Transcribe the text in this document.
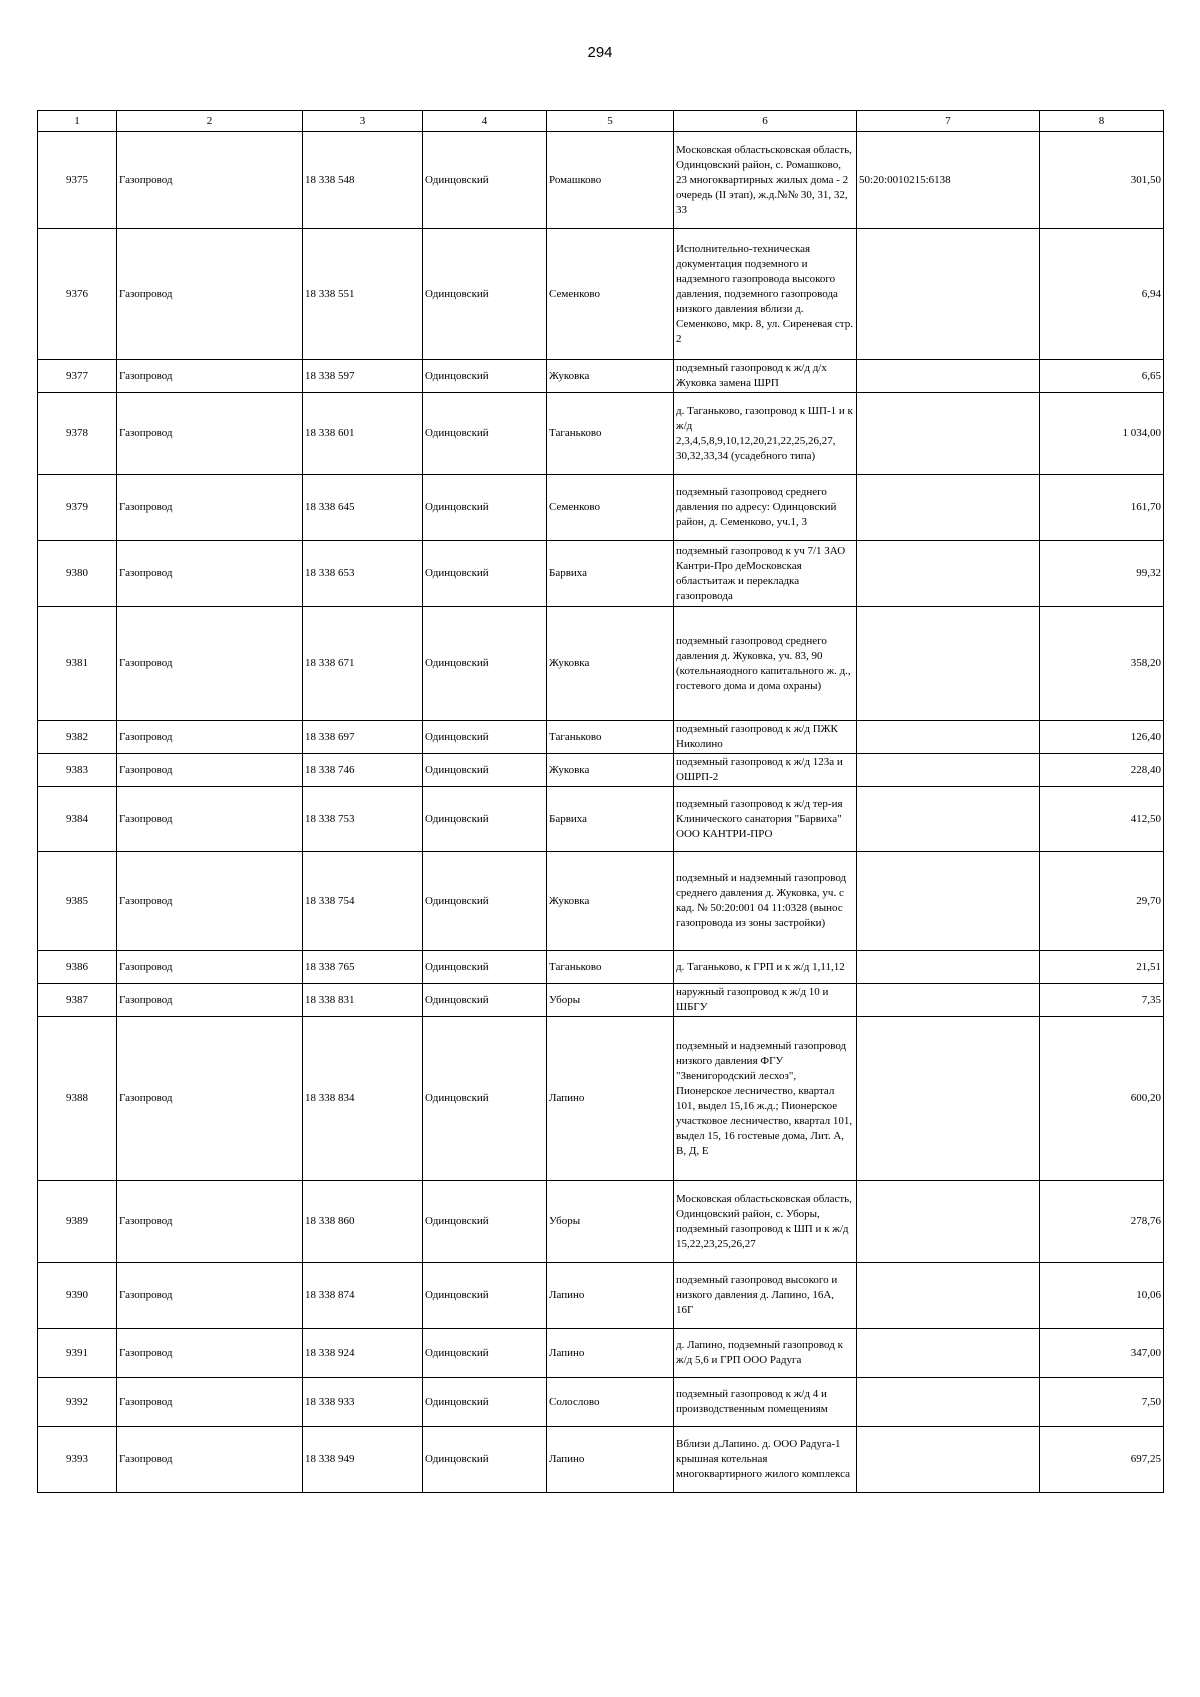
294
1	2	3	4	5	6	7	8
9375	Газопровод	18 338 548	Одинцовский	Ромашково	Московская областьсковская область, Одинцовский район, с. Ромашково, 23 многоквартирных жилых дома - 2 очередь (II этап), ж.д.№№ 30, 31, 32, 33	50:20:0010215:6138	301,50
9376	Газопровод	18 338 551	Одинцовский	Семенково	Исполнительно-техническая документация подземного и надземного газопровода высокого давления, подземного газопровода низкого давления вблизи д. Семенково, мкр. 8, ул. Сиреневая стр. 2		6,94
9377	Газопровод	18 338 597	Одинцовский	Жуковка	подземный газопровод к ж/д д/х Жуковка замена ШРП		6,65
9378	Газопровод	18 338 601	Одинцовский	Таганьково	д. Таганьково, газопровод к ШП-1 и к ж/д 2,3,4,5,8,9,10,12,20,21,22,25,26,27, 30,32,33,34 (усадебного типа)		1 034,00
9379	Газопровод	18 338 645	Одинцовский	Семенково	подземный газопровод среднего давления по адресу: Одинцовский район, д. Семенково, уч.1, 3		161,70
9380	Газопровод	18 338 653	Одинцовский	Барвиха	подземный газопровод к уч 7/1 ЗАО Кантри-Про деМосковская областьитаж и перекладка газопровода		99,32
9381	Газопровод	18 338 671	Одинцовский	Жуковка	подземный газопровод среднего давления д. Жуковка, уч. 83, 90 (котельнаяодного капитального ж. д., гостевого дома и дома охраны)		358,20
9382	Газопровод	18 338 697	Одинцовский	Таганьково	подземный газопровод к ж/д ПЖК Николино		126,40
9383	Газопровод	18 338 746	Одинцовский	Жуковка	подземный газопровод к ж/д 123а и ОШРП-2		228,40
9384	Газопровод	18 338 753	Одинцовский	Барвиха	подземный газопровод к ж/д тер-ия Клинического санатория "Барвиха" ООО КАНТРИ-ПРО		412,50
9385	Газопровод	18 338 754	Одинцовский	Жуковка	подземный и надземный газопровод среднего давления д. Жуковка, уч. с кад. № 50:20:001 04 11:0328 (вынос газопровода из зоны застройки)		29,70
9386	Газопровод	18 338 765	Одинцовский	Таганьково	д. Таганьково, к ГРП и к ж/д 1,11,12		21,51
9387	Газопровод	18 338 831	Одинцовский	Уборы	наружный газопровод к ж/д 10 и ШБГУ		7,35
9388	Газопровод	18 338 834	Одинцовский	Лапино	подземный и надземный газопровод низкого давления ФГУ "Звенигородский лесхоз", Пионерское лесничество, квартал 101, выдел 15,16 ж.д.; Пионерское участковое лесничество, квартал 101, выдел 15, 16 гостевые дома, Лит. А, В, Д, Е		600,20
9389	Газопровод	18 338 860	Одинцовский	Уборы	Московская областьсковская область, Одинцовский район, с. Уборы, подземный газопровод к ШП и к ж/д 15,22,23,25,26,27		278,76
9390	Газопровод	18 338 874	Одинцовский	Лапино	подземный газопровод высокого и низкого давления д. Лапино, 16А, 16Г		10,06
9391	Газопровод	18 338 924	Одинцовский	Лапино	д. Лапино, подземный газопровод к ж/д 5,6 и ГРП ООО Радуга		347,00
9392	Газопровод	18 338 933	Одинцовский	Солослово	подземный газопровод к ж/д 4 и производственным помещениям		7,50
9393	Газопровод	18 338 949	Одинцовский	Лапино	Вблизи д.Лапино. д. ООО Радуга-1 крышная котельная многоквартирного жилого комплекса		697,25
